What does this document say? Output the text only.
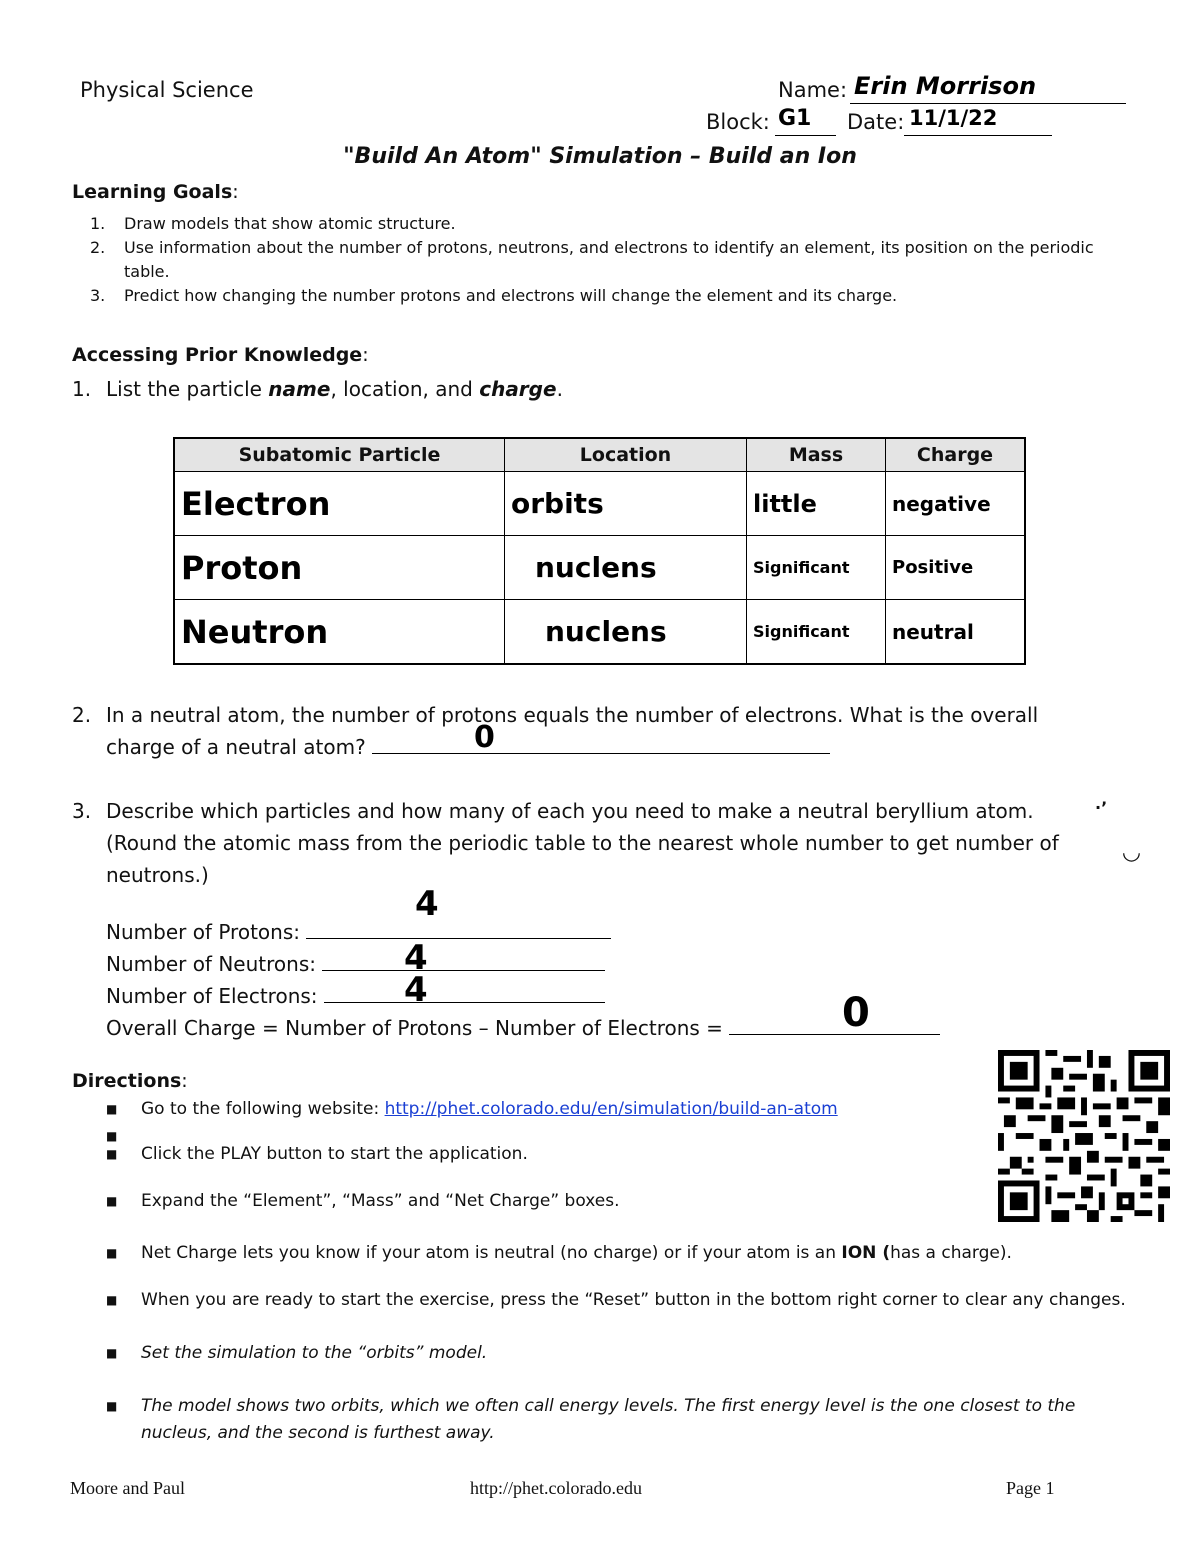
Physical Science	Name: Erin Morrison
Block: G1 Date: 11/1/22
"Build An Atom" Simulation – Build an Ion
Learning Goals:
1. Draw models that show atomic structure.
2. Use information about the number of protons, neutrons, and electrons to identify an element, its position on the periodic table.
3. Predict how changing the number protons and electrons will change the element and its charge.
Accessing Prior Knowledge:
1. List the particle name, location, and charge.
Subatomic Particle	Location	Mass	Charge
Electron	orbits	little	negative
Proton	nuclens	Significant	Positive
Neutron	nuclens	Significant	neutral
2. In a neutral atom, the number of protons equals the number of electrons. What is the overall
charge of a neutral atom?	0
3. Describe which particles and how many of each you need to make a neutral beryllium atom.
(Round the atomic mass from the periodic table to the nearest whole number to get number of
neutrons.)
·ʼ
◡
Number of Protons:
4
Number of Neutrons:	4
Number of Electrons:	4
Overall Charge = Number of Protons – Number of Electrons =	0
Directions:
■ Go to the following website: http://phet.colorado.edu/en/simulation/build-an-atom
■
■ Click the PLAY button to start the application.
■ Expand the “Element”, “Mass” and “Net Charge” boxes.
■ Net Charge lets you know if your atom is neutral (no charge) or if your atom is an ION (has a charge).
■ When you are ready to start the exercise, press the “Reset” button in the bottom right corner to clear any changes.
■ Set the simulation to the “orbits” model.
■ The model shows two orbits, which we often call energy levels. The first energy level is the one closest to the nucleus, and the second is furthest away.
Moore and Paul	http://phet.colorado.edu	Page 1
